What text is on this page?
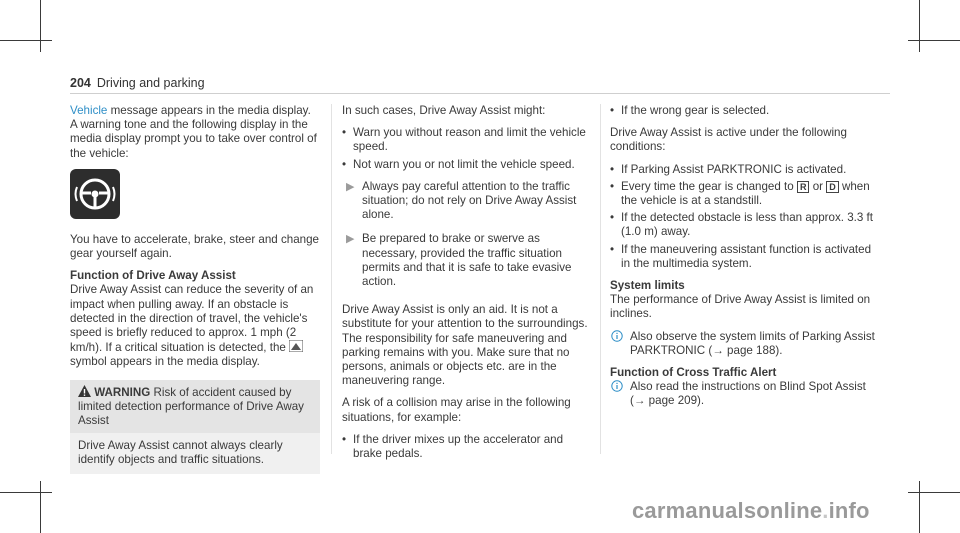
204 Driving and parking

Vehicle message appears in the media display. A warning tone and the following display in the media display prompt you to take over control of the vehicle:

You have to accelerate, brake, steer and change gear yourself again.

Function of Drive Away Assist

Drive Away Assist can reduce the severity of an impact when pulling away. If an obstacle is detected in the direction of travel, the vehicle's speed is briefly reduced to approx. 1 mph (2 km/h). If a critical situation is detected, the  symbol appears in the media display.

WARNING Risk of accident caused by limited detection performance of Drive Away Assist
Drive Away Assist cannot always clearly identify objects and traffic situations.

In such cases, Drive Away Assist might:

• Warn you without reason and limit the vehicle speed.
• Not warn you or not limit the vehicle speed.
▶ Always pay careful attention to the traffic situation; do not rely on Drive Away Assist alone.
▶ Be prepared to brake or swerve as necessary, provided the traffic situation permits and that it is safe to take evasive action.

Drive Away Assist is only an aid. It is not a substitute for your attention to the surroundings. The responsibility for safe maneuvering and parking remains with you. Make sure that no persons, animals or objects etc. are in the maneuvering range.

A risk of a collision may arise in the following situations, for example:

• If the driver mixes up the accelerator and brake pedals.
• If the wrong gear is selected.

Drive Away Assist is active under the following conditions:

• If Parking Assist PARKTRONIC is activated.
• Every time the gear is changed to R or D when the vehicle is at a standstill.
• If the detected obstacle is less than approx. 3.3 ft (1.0 m) away.
• If the maneuvering assistant function is activated in the multimedia system.

System limits

The performance of Drive Away Assist is limited on inclines.

Also observe the system limits of Parking Assist PARKTRONIC (→ page 188).

Function of Cross Traffic Alert

Also read the instructions on Blind Spot Assist (→ page 209).
carmanualsonline.info
